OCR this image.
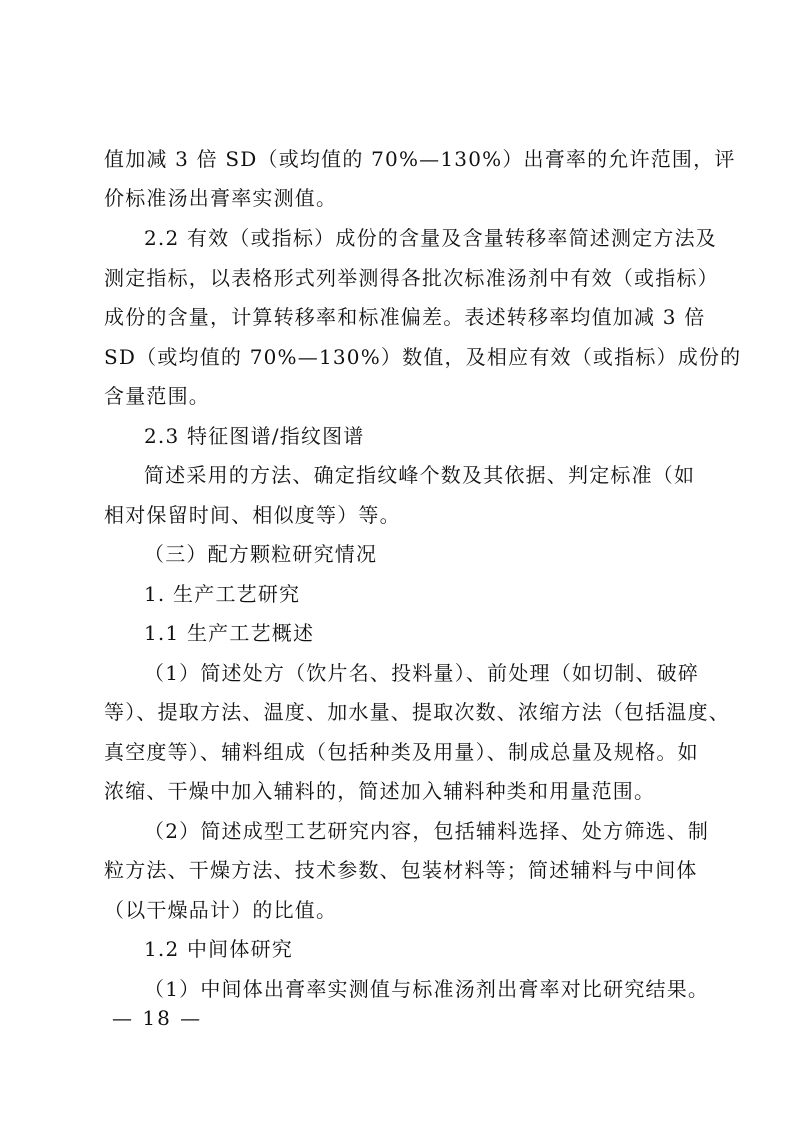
值加减 3 倍 SD（或均值的 70%—130%）出膏率的允许范围，评
价标准汤出膏率实测值。
2.2 有效（或指标）成份的含量及含量转移率简述测定方法及
测定指标，以表格形式列举测得各批次标准汤剂中有效（或指标）
成份的含量，计算转移率和标准偏差。表述转移率均值加减 3 倍
SD（或均值的 70%—130%）数值，及相应有效（或指标）成份的
含量范围。
2.3 特征图谱/指纹图谱
简述采用的方法、确定指纹峰个数及其依据、判定标准（如
相对保留时间、相似度等）等。
（三）配方颗粒研究情况
1. 生产工艺研究
1.1 生产工艺概述
（1）简述处方（饮片名、投料量）、前处理（如切制、破碎
等）、提取方法、温度、加水量、提取次数、浓缩方法（包括温度、
真空度等）、辅料组成（包括种类及用量）、制成总量及规格。如
浓缩、干燥中加入辅料的，简述加入辅料种类和用量范围。
（2）简述成型工艺研究内容，包括辅料选择、处方筛选、制
粒方法、干燥方法、技术参数、包装材料等；简述辅料与中间体
（以干燥品计）的比值。
1.2 中间体研究
（1）中间体出膏率实测值与标准汤剂出膏率对比研究结果。
— 18 —
